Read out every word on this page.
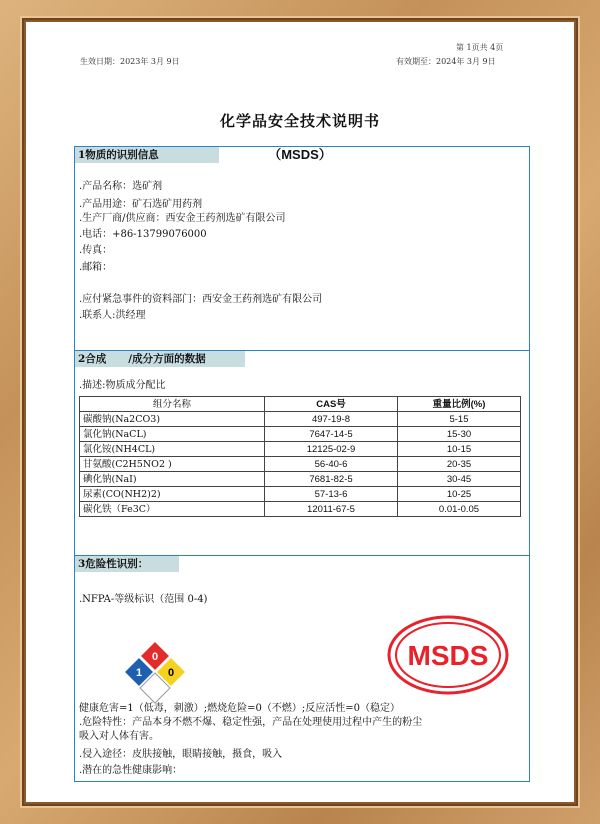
生效日期：2023年 3月 9日
第 1页共 4页
有效期至：2024年 3月 9日
化学品安全技术说明书
（MSDS）
1物质的识别信息
.产品名称：选矿剂
.产品用途：矿石选矿用药剂
.生产厂商/供应商：西安金王药剂选矿有限公司
.电话：+86-13799076000
.传真：
.邮箱：
.应付紧急事件的资料部门：西安金王药剂选矿有限公司
.联系人:洪经理
2合成      /成分方面的数据
.描述:物质成分配比
组分名称	CAS号	重量比例(%)
碳酸钠(Na2CO3)	497-19-8	5-15
氯化钠(NaCL)	7647-14-5	15-30
氯化铵(NH4CL)	12125-02-9	10-15
甘氨酸(C2H5NO2 )	56-40-6	20-35
碘化钠(NaI)	7681-82-5	30-45
尿素(CO(NH2)2)	57-13-6	10-25
碳化铁（Fe3C）	12011-67-5	0.01-0.05
3危险性识别：
.NFPA-等级标识（范围 0-4)
健康危害=1（低毒，刺激）;燃烧危险=0（不燃）;反应活性=0（稳定）
.危险特性：产品本身不燃不爆、稳定性强，产品在处理使用过程中产生的粉尘
吸入对人体有害。
.侵入途径：皮肤接触，眼睛接触，摄食，吸入
.潜在的急性健康影响：
0
1 0
MSDS
